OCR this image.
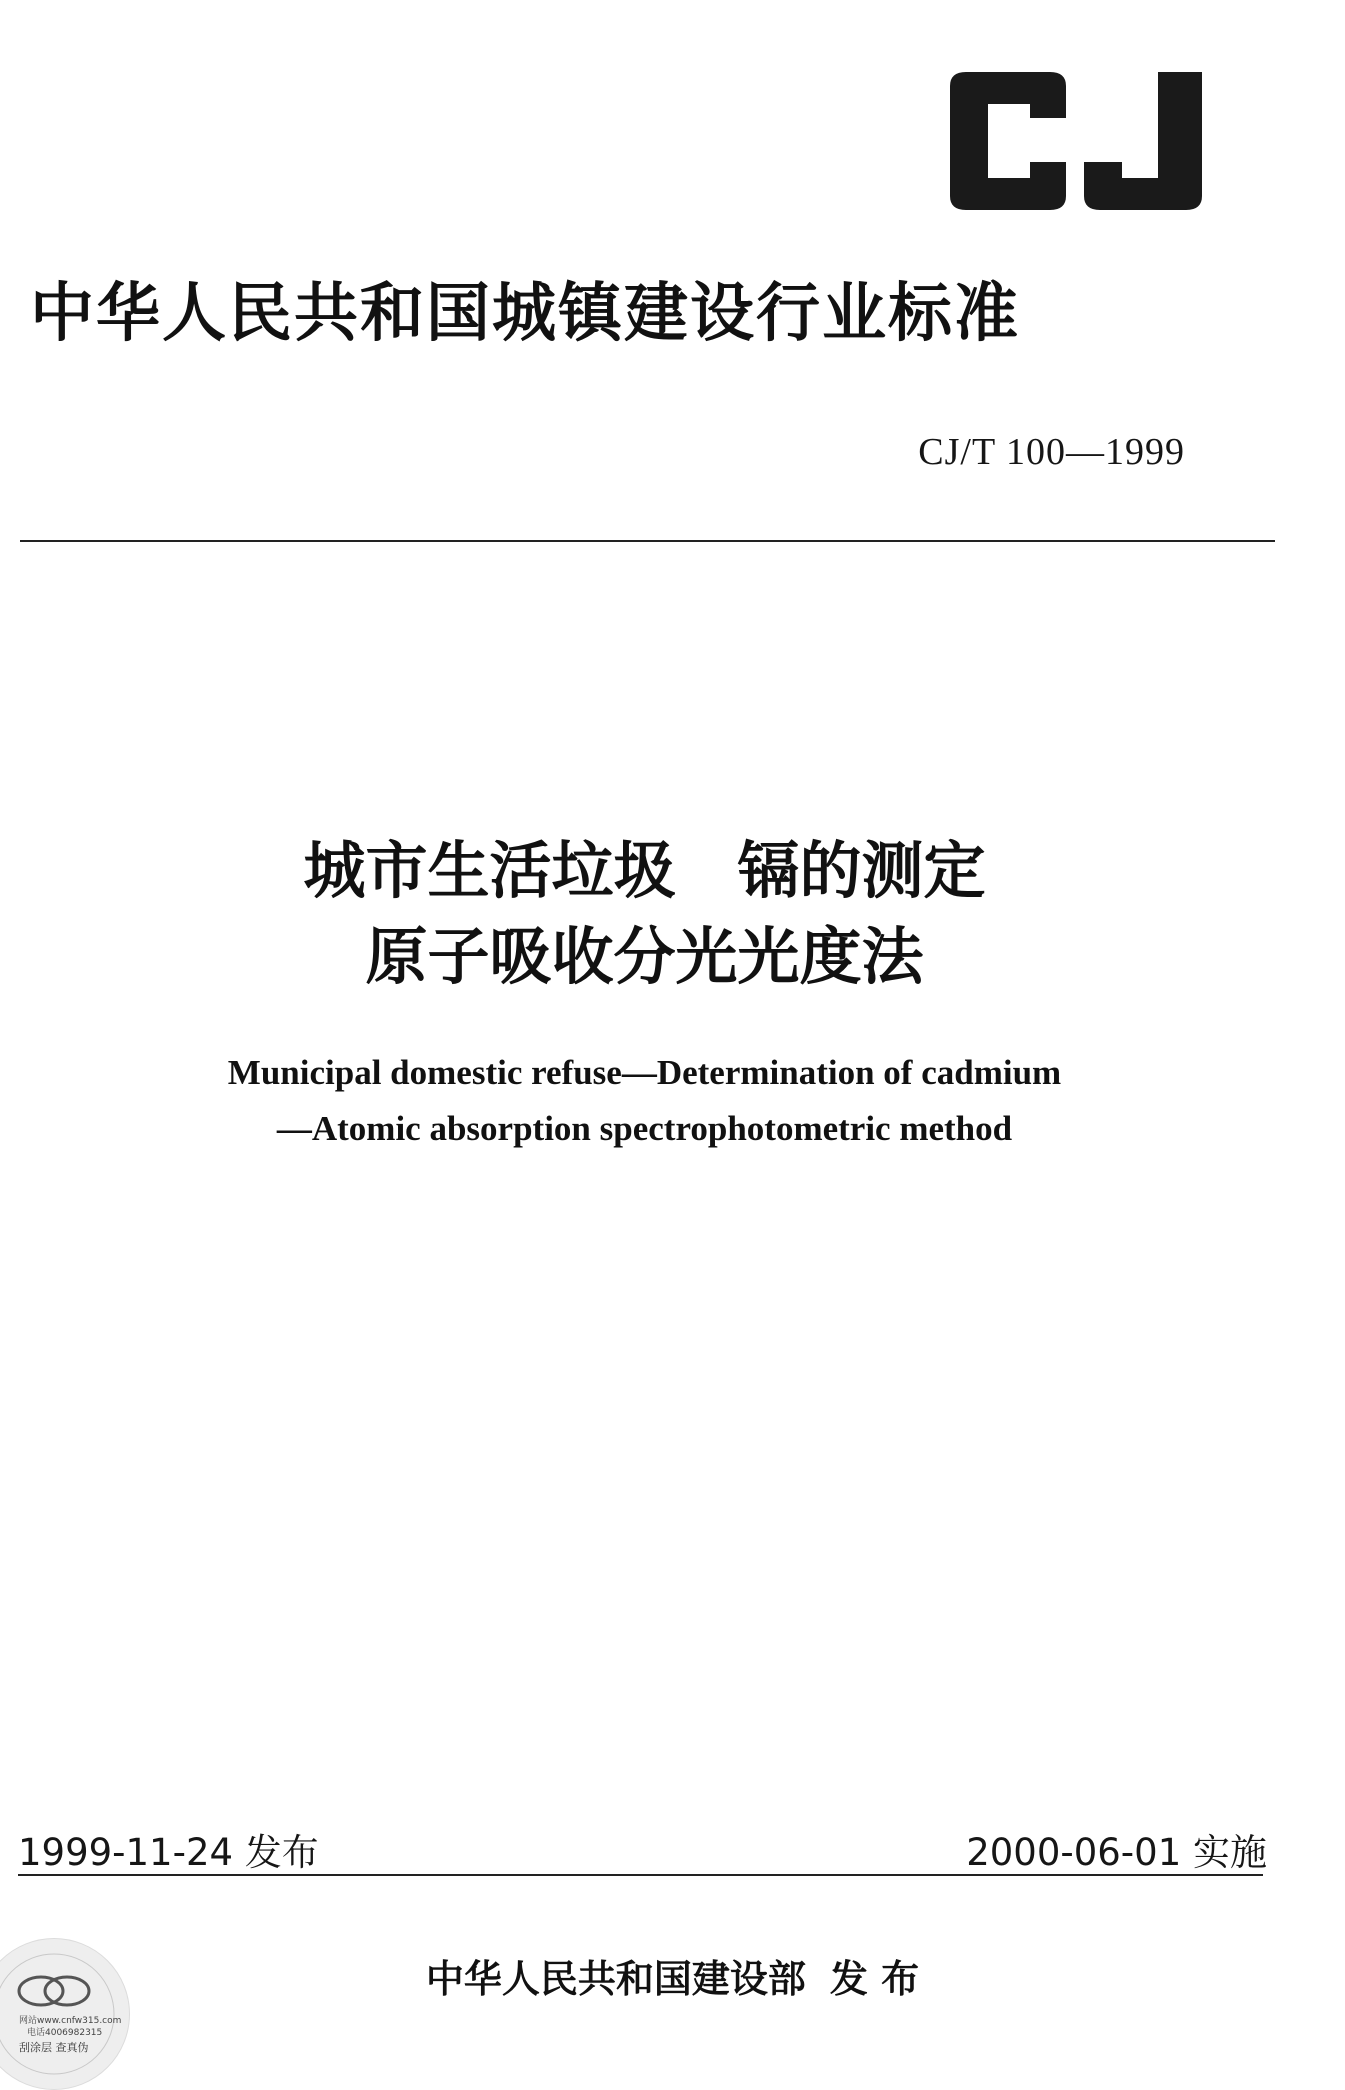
中华人民共和国城镇建设行业标准
CJ/T 100—1999
城市生活垃圾　镉的测定
原子吸收分光光度法
Municipal domestic refuse—Determination of cadmium
—Atomic absorption spectrophotometric method
1999-11-24 发布	2000-06-01 实施
中华人民共和国建设部 发 布
网站www.cnfw315.com
电话4006982315
刮涂层 查真伪
